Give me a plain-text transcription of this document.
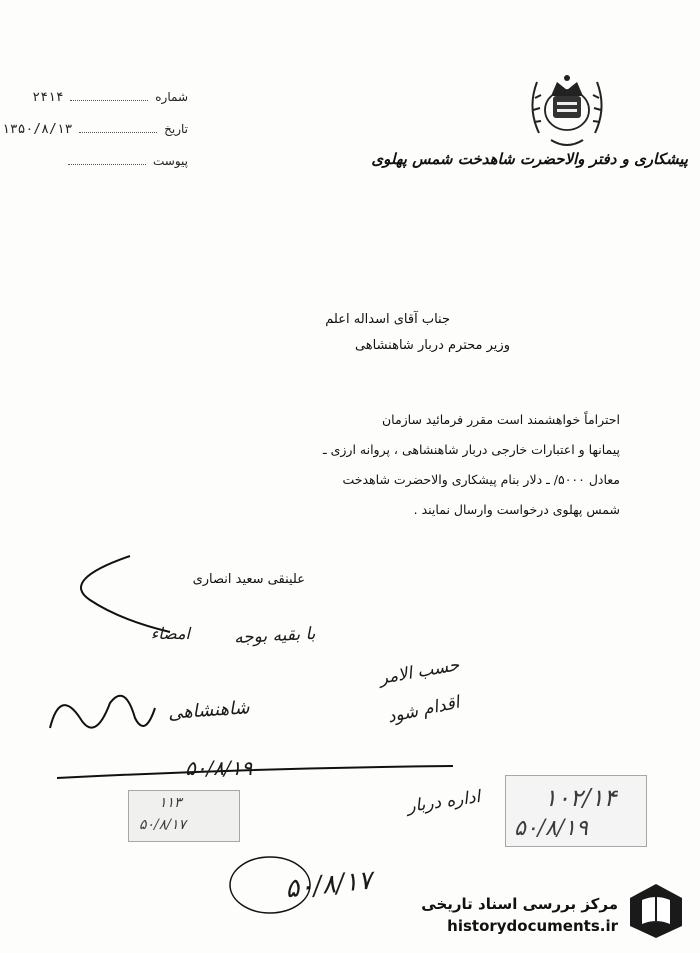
پیشکاری و دفتر والاحضرت شاهدخت شمس پهلوی
شماره  ۲۴۱۴
تاریخ  ۱۳۵۰/۸/۱۳
پیوست
جناب آقای اسداله اعلم
وزیر محترم دربار شاهنشاهی
احتراماً خواهشمند است مقرر فرمائید سازمان
پیمانها و اعتبارات خارجی دربار شاهنشاهی ، پروانه ارزی ـ
معادل ۵۰۰۰/ ـ دلار بنام پیشکاری والاحضرت شاهدخت
شمس پهلوی درخواست وارسال نمایند .
علینقی سعید انصاری
با بقیه بوجه
امضاء
شاهنشاهی
۵۰/۸/۱۹
۱۱۳
۵۰/۸/۱۷
حسب الامر
اقدام شود
اداره دربار
۵۰/۸/۱۷
۱۰۲/۱۴
۵۰/۸/۱۹
مرکز بررسی اسناد تاریخی
historydocuments.ir
